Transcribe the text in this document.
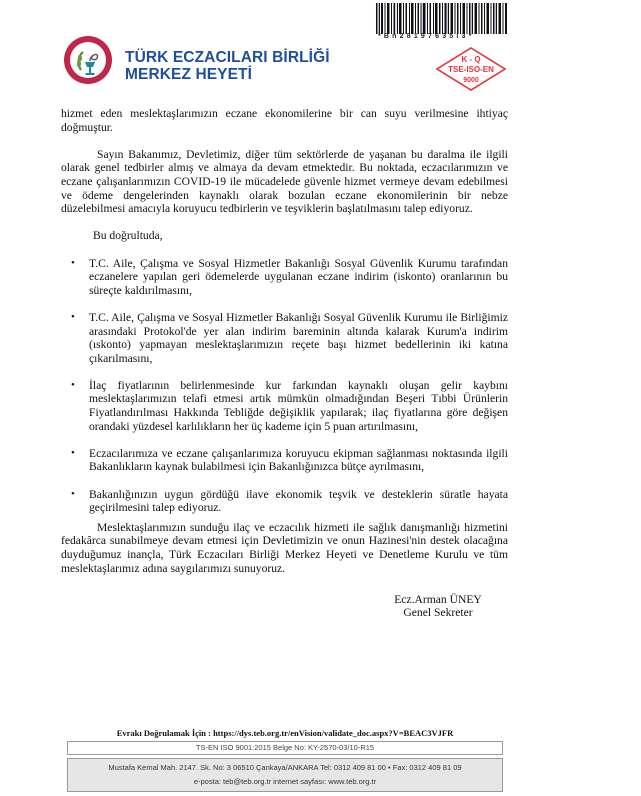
TÜRK ECZACILARI BİRLİĞİ
MERKEZ HEYETİ
*Bn28197635l3*
K - Q
TSE-ISO-EN
9000

hizmet eden meslektaşlarımızın eczane ekonomilerine bir can suyu verilmesine ihtiyaç doğmuştur.

Sayın Bakanımız, Devletimiz, diğer tüm sektörlerde de yaşanan bu daralma ile ilgili olarak genel tedbirler almış ve almaya da devam etmektedir. Bu noktada, eczacılarımızın ve eczane çalışanlarımızın COVID-19 ile mücadelede güvenle hizmet vermeye devam edebilmesi ve ödeme dengelerinden kaynaklı olarak bozulan eczane ekonomilerinin bir nebze düzelebilmesi amacıyla koruyucu tedbirlerin ve teşviklerin başlatılmasını talep ediyoruz.

Bu doğrultuda,

• T.C. Aile, Çalışma ve Sosyal Hizmetler Bakanlığı Sosyal Güvenlik Kurumu tarafından eczanelere yapılan geri ödemelerde uygulanan eczane indirim (iskonto) oranlarının bu süreçte kaldırılmasını,
• T.C. Aile, Çalışma ve Sosyal Hizmetler Bakanlığı Sosyal Güvenlik Kurumu ile Birliğimiz arasındaki Protokol'de yer alan indirim bareminin altında kalarak Kurum'a indirim (ıskonto) yapmayan meslektaşlarımızın reçete başı hizmet bedellerinin iki katına çıkarılmasını,
• İlaç fiyatlarının belirlenmesinde kur farkından kaynaklı oluşan gelir kaybını meslektaşlarımızın telafi etmesi artık mümkün olmadığından Beşeri Tıbbi Ürünlerin Fiyatlandırılması Hakkında Tebliğde değişiklik yapılarak; ilaç fiyatlarına göre değişen orandaki yüzdesel karlılıkların her üç kademe için 5 puan artırılmasını,
• Eczacılarımıza ve eczane çalışanlarımıza koruyucu ekipman sağlanması noktasında ilgili Bakanlıkların kaynak bulabilmesi için Bakanlığınızca bütçe ayrılmasını,
• Bakanlığınızın uygun gördüğü ilave ekonomik teşvik ve desteklerin süratle hayata geçirilmesini talep ediyoruz.

Meslektaşlarımızın sunduğu ilaç ve eczacılık hizmeti ile sağlık danışmanlığı hizmetini fedakârca sunabilmeye devam etmesi için Devletimizin ve onun Hazinesi'nin destek olacağına duyduğumuz inançla, Türk Eczacıları Birliği Merkez Heyeti ve Denetleme Kurulu ve tüm meslektaşlarımız adına saygılarımızı sunuyoruz.

Ecz.Arman ÜNEY
Genel Sekreter
Evrakı Doğrulamak İçin : https://dys.teb.org.tr/enVision/validate_doc.aspx?V=BEAC3VJFR
TS-EN ISO 9001:2015 Belge No: KY-2570-03/10-R15
Mustafa Kemal Mah. 2147. Sk. No: 3 06510 Çankaya/ANKARA Tel: 0312 409 81 00 • Fax: 0312 409 81 09
e-posta: teb@teb.org.tr internet sayfası: www.teb.org.tr
